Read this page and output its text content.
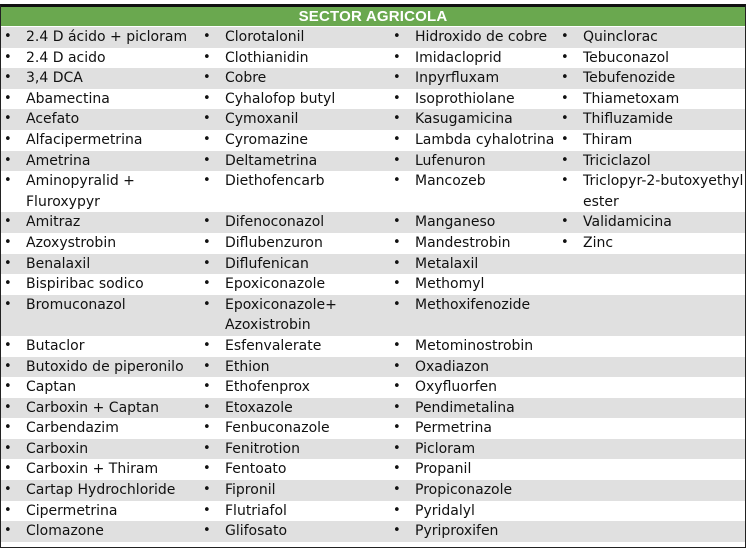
SECTOR AGRICOLA
• 2.4 D ácido + picloram	• Clorotalonil	• Hidroxido de cobre	• Quinclorac

• 2.4 D acido	• Clothianidin	• Imidacloprid	• Tebuconazol

• 3,4 DCA	• Cobre	• Inpyrfluxam	• Tebufenozide

• Abamectina	• Cyhalofop butyl	• Isoprothiolane	• Thiametoxam

• Acefato	• Cymoxanil	• Kasugamicina	• Thifluzamide

• Alfacipermetrina	• Cyromazine	• Lambda cyhalotrina	• Thiram

• Ametrina	• Deltametrina	• Lufenuron	• Triciclazol

• Aminopyralid + Fluroxypyr	• Diethofencarb	• Mancozeb	• Triclopyr-2-butoxyethyl ester

• Amitraz	• Difenoconazol	• Manganeso	• Validamicina

• Azoxystrobin	• Diflubenzuron	• Mandestrobin	• Zinc

• Benalaxil	• Diflufenican	• Metalaxil

• Bispiribac sodico	• Epoxiconazole	• Methomyl

• Bromuconazol	• Epoxiconazole+ Azoxistrobin	• Methoxifenozide

• Butaclor	• Esfenvalerate	• Metominostrobin

• Butoxido de piperonilo	• Ethion	• Oxadiazon

• Captan	• Ethofenprox	• Oxyfluorfen

• Carboxin + Captan	• Etoxazole	• Pendimetalina

• Carbendazim	• Fenbuconazole	• Permetrina

• Carboxin	• Fenitrotion	• Picloram

• Carboxin + Thiram	• Fentoato	• Propanil

• Cartap Hydrochloride	• Fipronil	• Propiconazole

• Cipermetrina	• Flutriafol	• Pyridalyl

• Clomazone	• Glifosato	• Pyriproxifen
